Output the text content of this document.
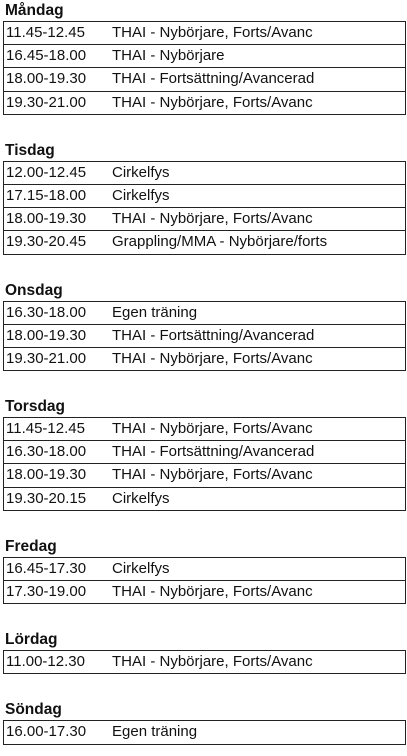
Måndag
11.45-12.45	THAI - Nybörjare, Forts/Avanc
16.45-18.00	THAI - Nybörjare
18.00-19.30	THAI - Fortsättning/Avancerad
19.30-21.00	THAI - Nybörjare, Forts/Avanc
Tisdag
12.00-12.45	Cirkelfys
17.15-18.00	Cirkelfys
18.00-19.30	THAI - Nybörjare, Forts/Avanc
19.30-20.45	Grappling/MMA - Nybörjare/forts
Onsdag
16.30-18.00	Egen träning
18.00-19.30	THAI - Fortsättning/Avancerad
19.30-21.00	THAI - Nybörjare, Forts/Avanc
Torsdag
11.45-12.45	THAI - Nybörjare, Forts/Avanc
16.30-18.00	THAI - Fortsättning/Avancerad
18.00-19.30	THAI - Nybörjare, Forts/Avanc
19.30-20.15	Cirkelfys
Fredag
16.45-17.30	Cirkelfys
17.30-19.00	THAI - Nybörjare, Forts/Avanc
Lördag
11.00-12.30	THAI - Nybörjare, Forts/Avanc
Söndag
16.00-17.30	Egen träning
